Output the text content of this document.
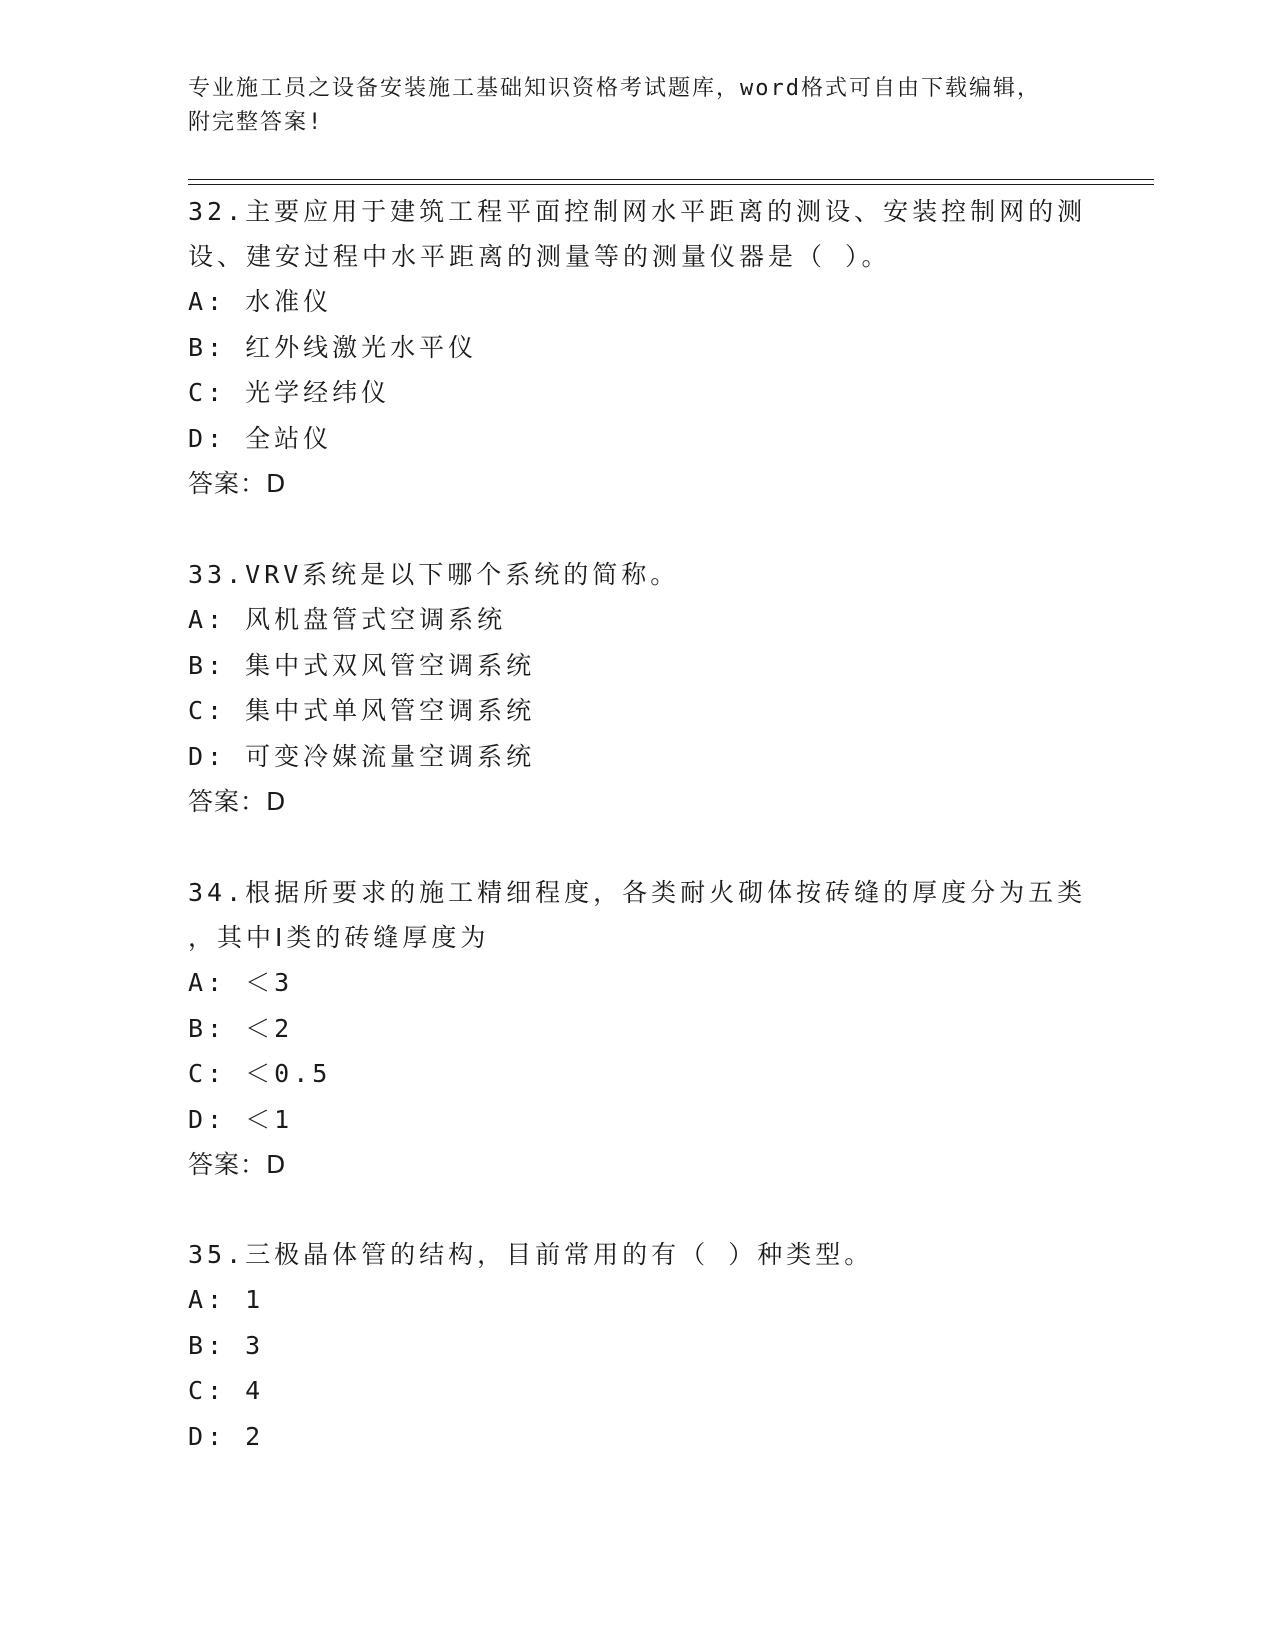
专业施工员之设备安装施工基础知识资格考试题库，word格式可自由下载编辑，
附完整答案!
32.主要应用于建筑工程平面控制网水平距离的测设、安装控制网的测
设、建安过程中水平距离的测量等的测量仪器是（ ）。
A: 水准仪
B: 红外线激光水平仪
C: 光学经纬仪
D: 全站仪
答案：D
33.VRV系统是以下哪个系统的简称。
A: 风机盘管式空调系统
B: 集中式双风管空调系统
C: 集中式单风管空调系统
D: 可变冷媒流量空调系统
答案：D
34.根据所要求的施工精细程度，各类耐火砌体按砖缝的厚度分为五类
，其中Ⅰ类的砖缝厚度为
A: ＜3
B: ＜2
C: ＜0.5
D: ＜1
答案：D
35.三极晶体管的结构，目前常用的有（ ）种类型。
A: 1
B: 3
C: 4
D: 2
